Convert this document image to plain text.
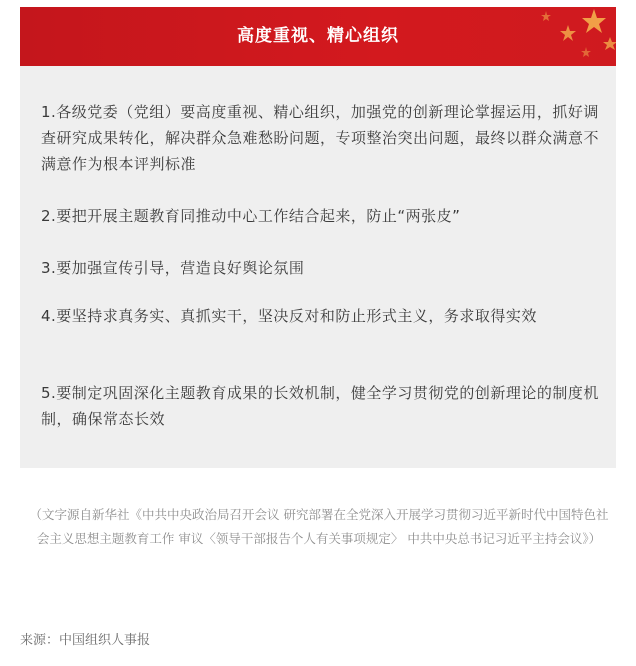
高度重视、精心组织
1.各级党委（党组）要高度重视、精心组织，加强党的创新理论掌握运用，抓好调查研究成果转化，解决群众急难愁盼问题，专项整治突出问题，最终以群众满意不满意作为根本评判标准
2.要把开展主题教育同推动中心工作结合起来，防止“两张皮”
3.要加强宣传引导，营造良好舆论氛围
4.要坚持求真务实、真抓实干，坚决反对和防止形式主义，务求取得实效
5.要制定巩固深化主题教育成果的长效机制，健全学习贯彻党的创新理论的制度机制，确保常态长效
（文字源自新华社《中共中央政治局召开会议 研究部署在全党深入开展学习贯彻习近平新时代中国特色社会主义思想主题教育工作 审议〈领导干部报告个人有关事项规定〉 中共中央总书记习近平主持会议》）
来源：中国组织人事报
